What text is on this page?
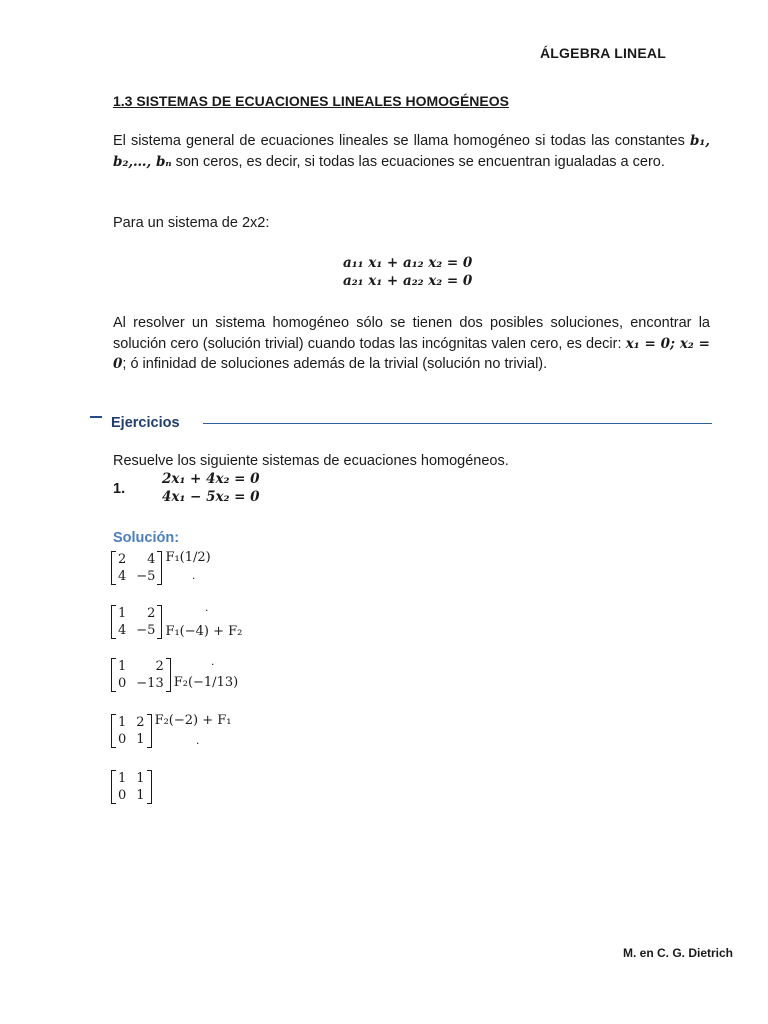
ÁLGEBRA LINEAL
1.3 SISTEMAS DE ECUACIONES LINEALES HOMOGÉNEOS
El sistema general de ecuaciones lineales se llama homogéneo si todas las constantes b₁, b₂,…, bₙ son ceros, es decir, si todas las ecuaciones se encuentran igualadas a cero.
Para un sistema de 2x2:
a₁₁ x₁ + a₁₂ x₂ = 0
a₂₁ x₁ + a₂₂ x₂ = 0
Al resolver un sistema homogéneo sólo se tienen dos posibles soluciones, encontrar la solución cero (solución trivial) cuando todas las incógnitas valen cero, es decir: x₁ = 0; x₂ = 0; ó infinidad de soluciones además de la trivial (solución no trivial).
Ejercicios
Resuelve los siguiente sistemas de ecuaciones homogéneos.
1.
2x₁ + 4x₂ = 0
4x₁ − 5x₂ = 0
Solución:
2	4
4 −5
F₁(1/2)
.
.
1	2
4 −5 F₁(−4) + F₂
.
1	2
0 −13 F₂(−1/13)
1 2
0 1
F₂(−2) + F₁
.
1 1
0 1
M. en C. G. Dietrich
